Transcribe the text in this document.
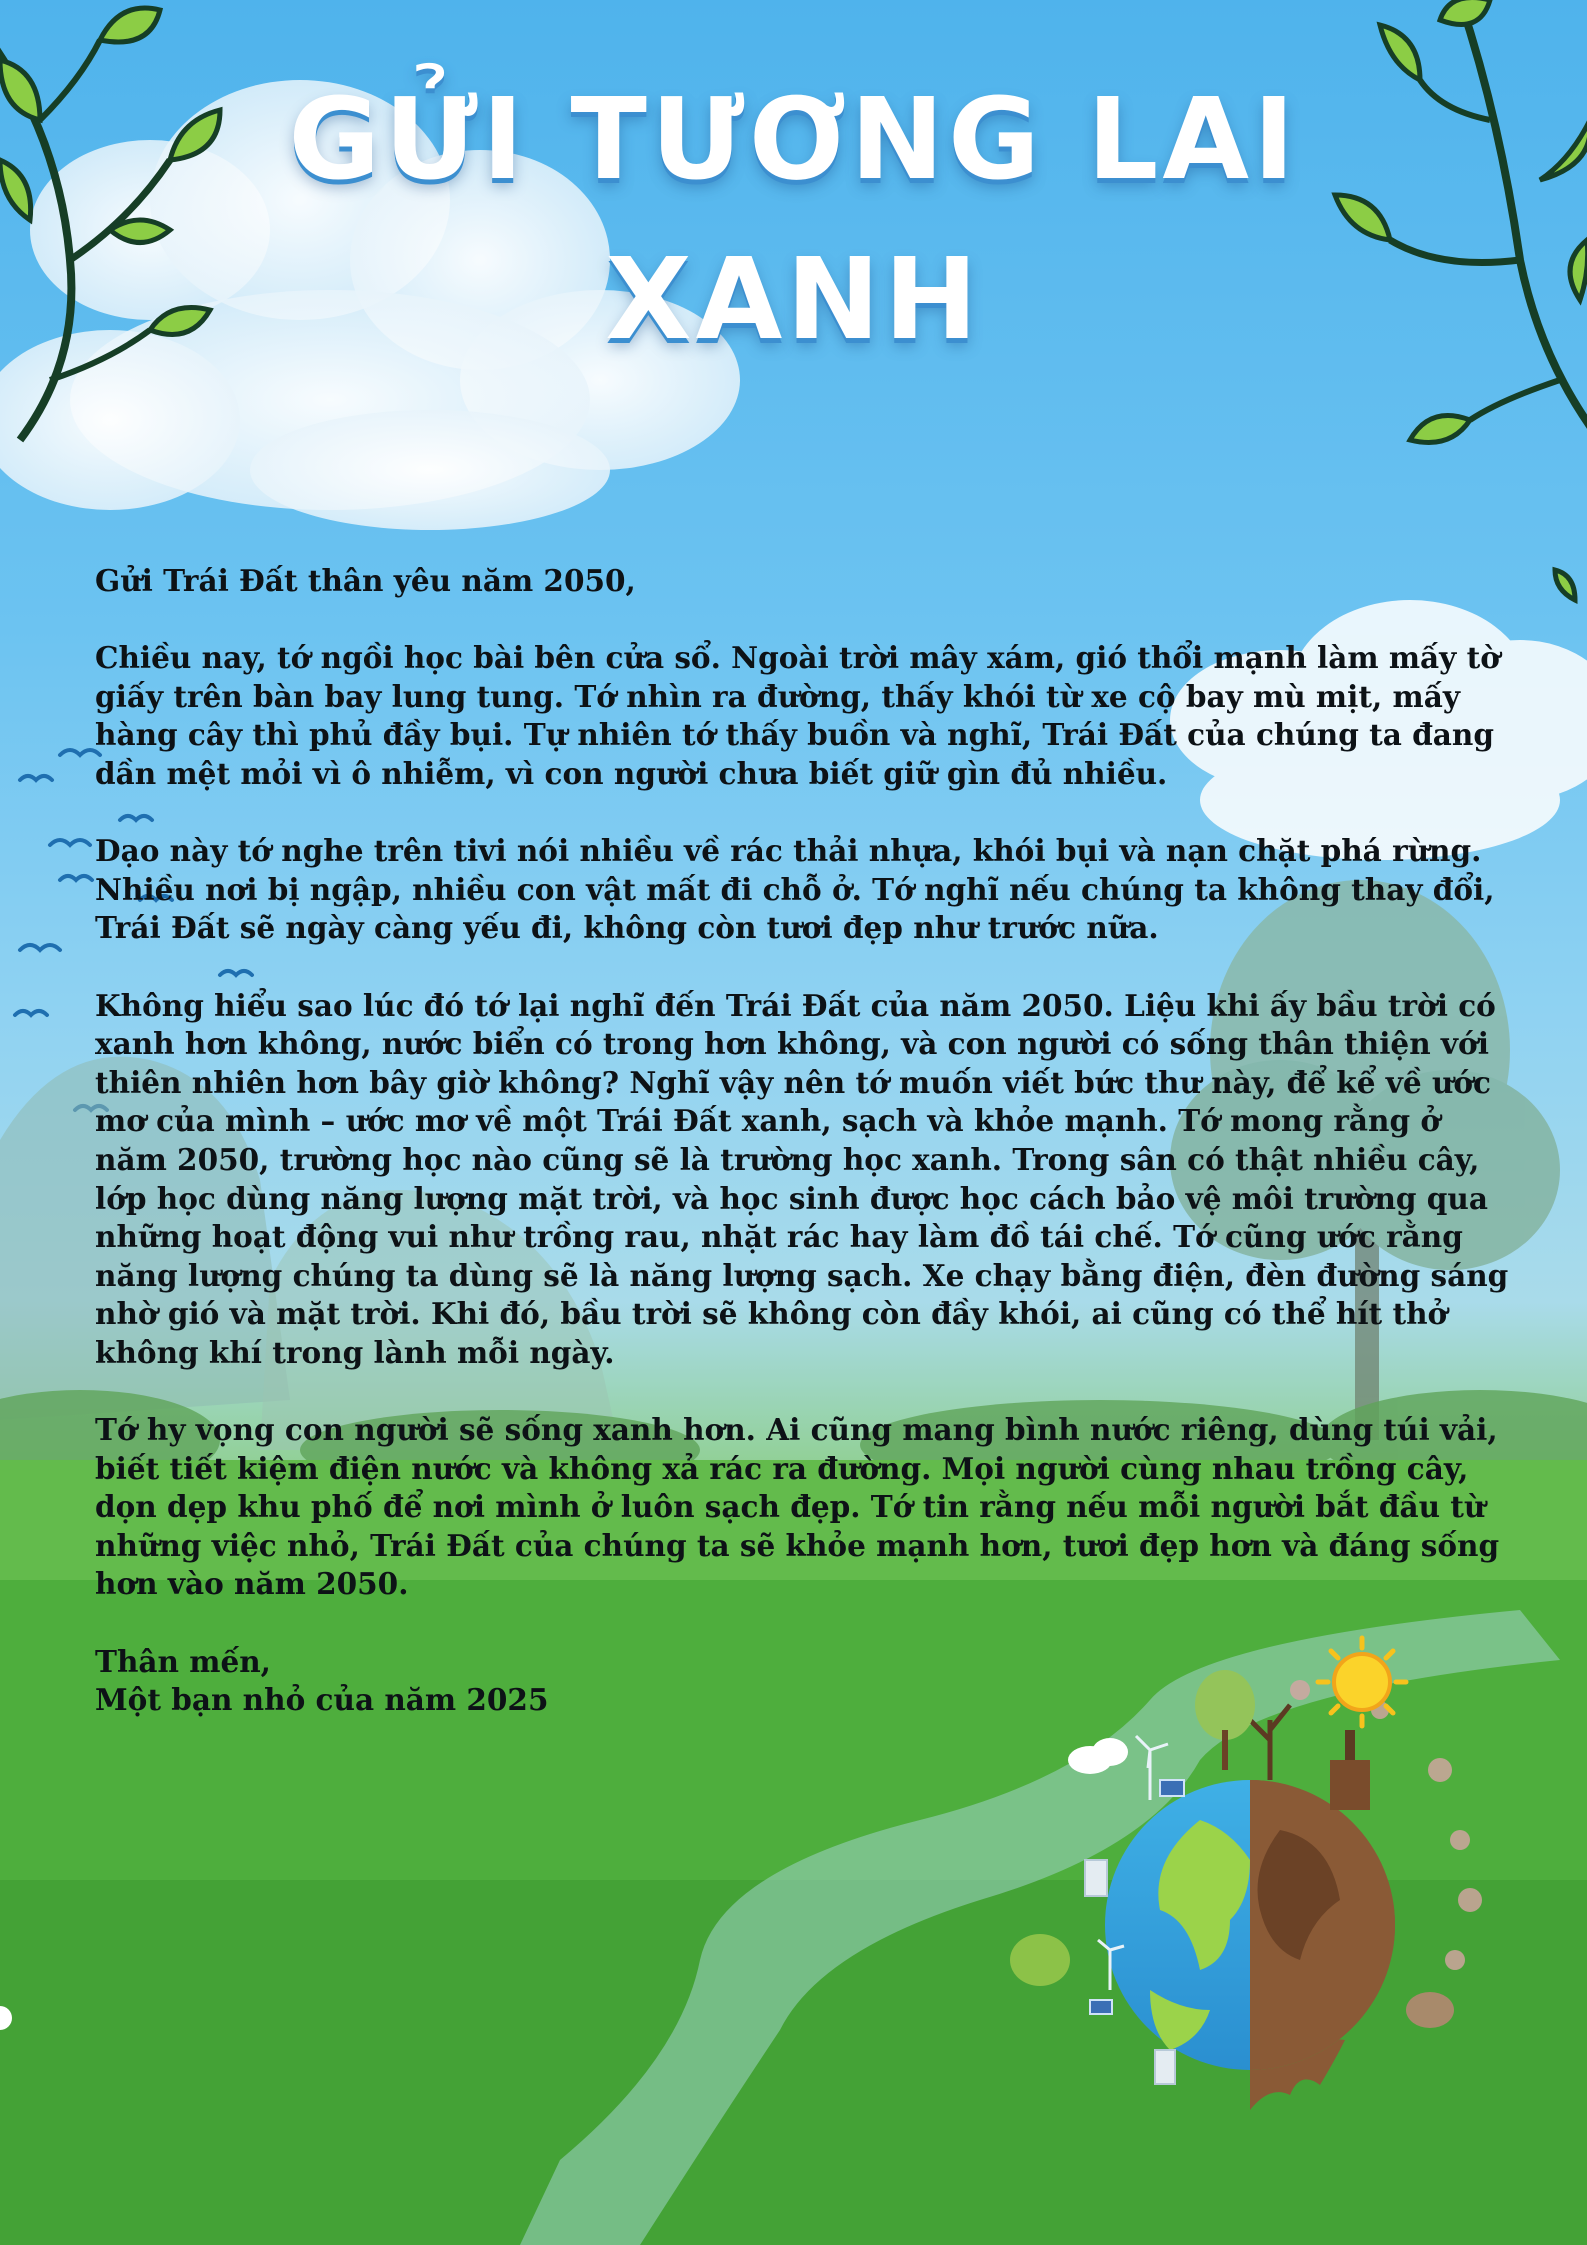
GỬI TƯƠNG LAI
XANH

Gửi Trái Đất thân yêu năm 2050,

Chiều nay, tớ ngồi học bài bên cửa sổ. Ngoài trời mây xám, gió thổi mạnh làm mấy tờ giấy trên bàn bay lung tung. Tớ nhìn ra đường, thấy khói từ xe cộ bay mù mịt, mấy hàng cây thì phủ đầy bụi. Tự nhiên tớ thấy buồn và nghĩ, Trái Đất của chúng ta đang dần mệt mỏi vì ô nhiễm, vì con người chưa biết giữ gìn đủ nhiều.

Dạo này tớ nghe trên tivi nói nhiều về rác thải nhựa, khói bụi và nạn chặt phá rừng. Nhiều nơi bị ngập, nhiều con vật mất đi chỗ ở. Tớ nghĩ nếu chúng ta không thay đổi, Trái Đất sẽ ngày càng yếu đi, không còn tươi đẹp như trước nữa.

Không hiểu sao lúc đó tớ lại nghĩ đến Trái Đất của năm 2050. Liệu khi ấy bầu trời có xanh hơn không, nước biển có trong hơn không, và con người có sống thân thiện với thiên nhiên hơn bây giờ không? Nghĩ vậy nên tớ muốn viết bức thư này, để kể về ước mơ của mình – ước mơ về một Trái Đất xanh, sạch và khỏe mạnh. Tớ mong rằng ở năm 2050, trường học nào cũng sẽ là trường học xanh. Trong sân có thật nhiều cây, lớp học dùng năng lượng mặt trời, và học sinh được học cách bảo vệ môi trường qua những hoạt động vui như trồng rau, nhặt rác hay làm đồ tái chế. Tớ cũng ước rằng năng lượng chúng ta dùng sẽ là năng lượng sạch. Xe chạy bằng điện, đèn đường sáng nhờ gió và mặt trời. Khi đó, bầu trời sẽ không còn đầy khói, ai cũng có thể hít thở không khí trong lành mỗi ngày.

Tớ hy vọng con người sẽ sống xanh hơn. Ai cũng mang bình nước riêng, dùng túi vải, biết tiết kiệm điện nước và không xả rác ra đường. Mọi người cùng nhau trồng cây, dọn dẹp khu phố để nơi mình ở luôn sạch đẹp. Tớ tin rằng nếu mỗi người bắt đầu từ những việc nhỏ, Trái Đất của chúng ta sẽ khỏe mạnh hơn, tươi đẹp hơn và đáng sống hơn vào năm 2050.

Thân mến,

Một bạn nhỏ của năm 2025
